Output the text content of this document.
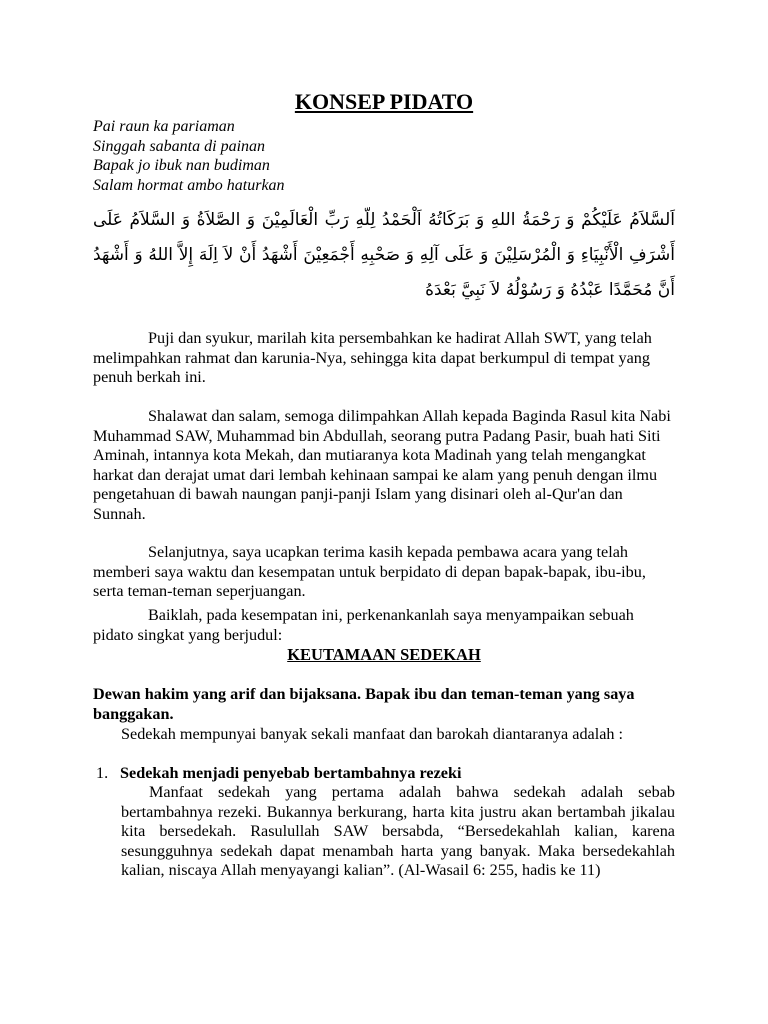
KONSEP PIDATO
Pai raun ka pariaman
Singgah sabanta di painan
Bapak jo ibuk nan budiman
Salam hormat ambo haturkan
اَلسَّلاَمُ عَلَيْكُمْ وَ رَحْمَةُ اللهِ وَ بَرَكَاتُهُ اَلْحَمْدُ لِلّهِ رَبِّ الْعَالَمِيْنَ وَ الصَّلاَةُ وَ السَّلاَمُ عَلَى أَشْرَفِ الْأَنْبِيَاءِ وَ الْمُرْسَلِيْنَ وَ عَلَى آلِهِ وَ صَحْبِهِ أَجْمَعِيْنَ أَشْهَدُ أَنْ لاَ اِلَهَ إِلاَّ اللهُ وَ أَشْهَدُ أَنَّ مُحَمَّدًا عَبْدُهُ وَ رَسُوْلُهُ لاَ نَبِيَّ بَعْدَهُ

Puji dan syukur, marilah kita persembahkan ke hadirat Allah SWT, yang telah melimpahkan rahmat dan karunia-Nya, sehingga kita dapat berkumpul di tempat yang penuh berkah ini.

Shalawat dan salam, semoga dilimpahkan Allah kepada Baginda Rasul kita Nabi Muhammad SAW, Muhammad bin Abdullah, seorang putra Padang Pasir, buah hati Siti Aminah, intannya kota Mekah, dan mutiaranya kota Madinah yang telah mengangkat harkat dan derajat umat dari lembah kehinaan sampai ke alam yang penuh dengan ilmu pengetahuan di bawah naungan panji-panji Islam yang disinari oleh al-Qur'an dan Sunnah.

Selanjutnya, saya ucapkan terima kasih kepada pembawa acara yang telah memberi saya waktu dan kesempatan untuk berpidato di depan bapak-bapak, ibu-ibu, serta teman-teman seperjuangan.

Baiklah, pada kesempatan ini, perkenankanlah saya menyampaikan sebuah pidato singkat yang berjudul:

KEUTAMAAN SEDEKAH
Dewan hakim yang arif dan bijaksana. Bapak ibu dan teman-teman yang saya banggakan.
Sedekah mempunyai banyak sekali manfaat dan barokah diantaranya adalah :
1. Sedekah menjadi penyebab bertambahnya rezeki
Manfaat sedekah yang pertama adalah bahwa sedekah adalah sebab bertambahnya rezeki. Bukannya berkurang, harta kita justru akan bertambah jikalau kita bersedekah. Rasulullah SAW bersabda, “Bersedekahlah kalian, karena sesungguhnya sedekah dapat menambah harta yang banyak. Maka bersedekahlah kalian, niscaya Allah menyayangi kalian”. (Al-Wasail 6: 255, hadis ke 11)
